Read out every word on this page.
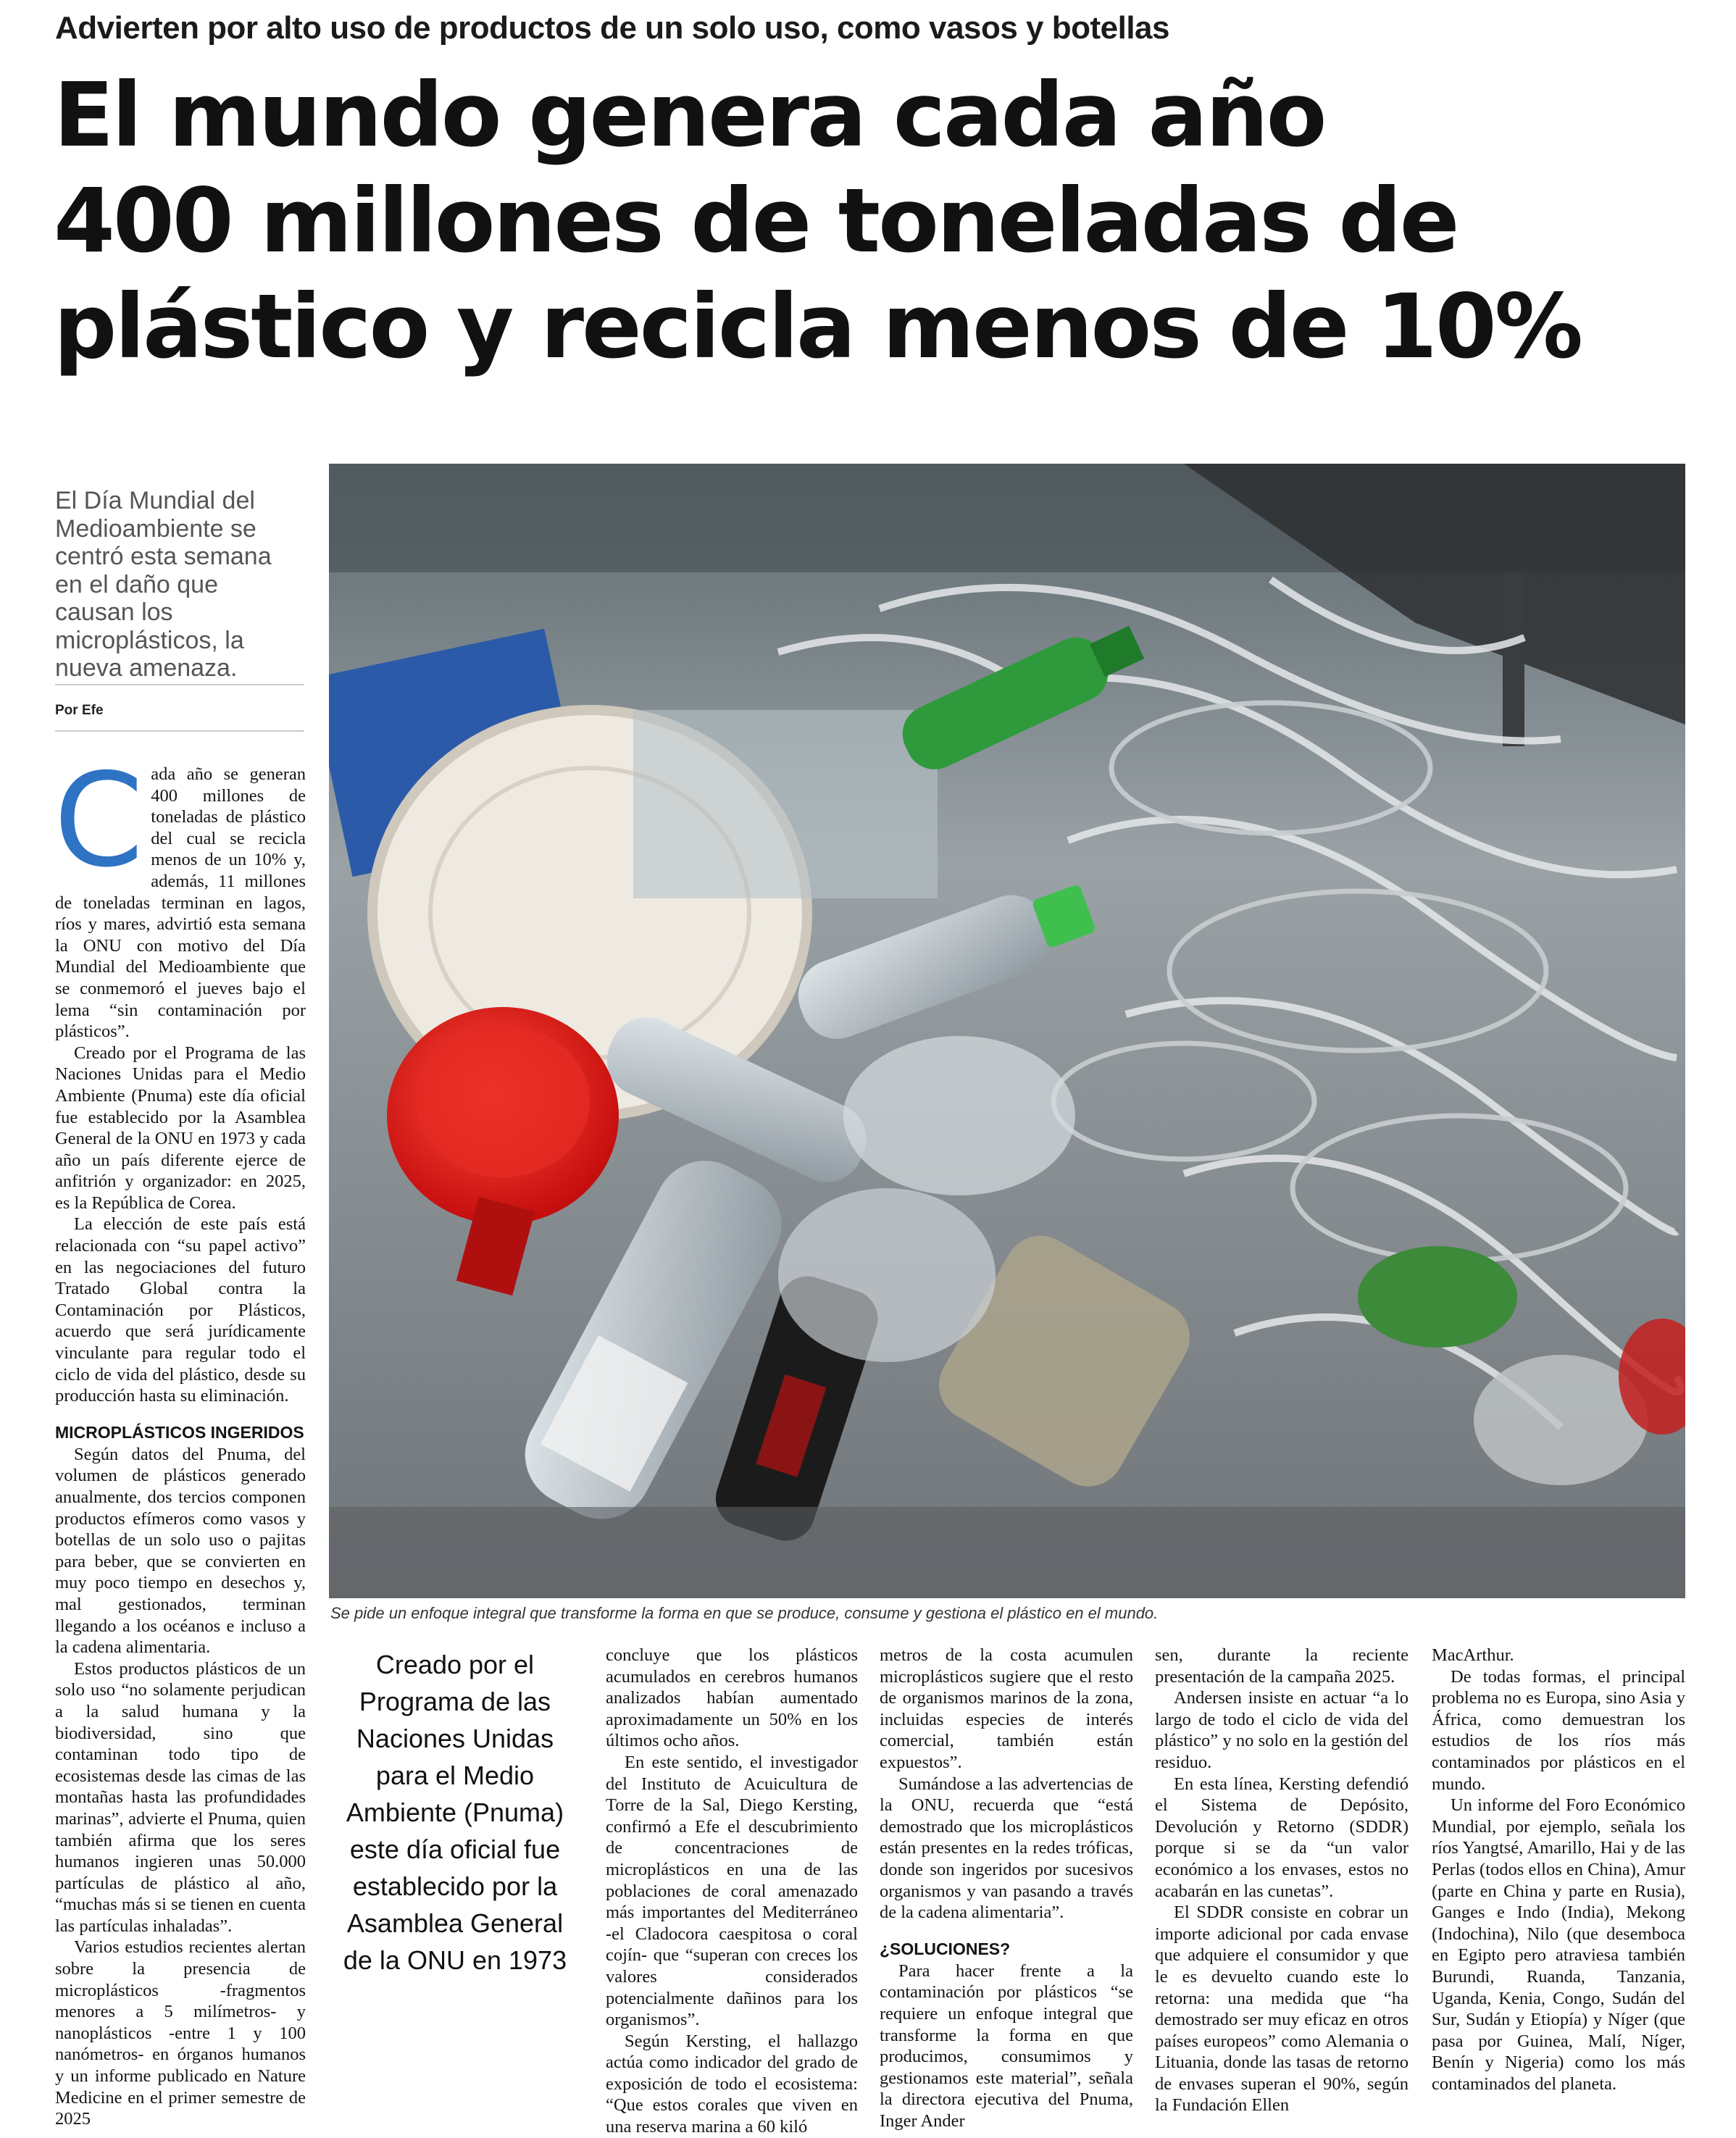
Advierten por alto uso de productos de un solo uso, como vasos y botellas
El mundo genera cada año
400 millones de toneladas de
plástico y recicla menos de 10%
El Día Mundial del Medioambiente se centró esta semana en el daño que causan los microplásticos, la nueva amenaza.
Por Efe

Cada año se generan 400 millones de toneladas de plástico del cual se recicla menos de un 10% y, además, 11 millones de toneladas terminan en lagos, ríos y mares, advirtió esta semana la ONU con motivo del Día Mundial del Medioambiente que se conmemoró el jueves bajo el lema “sin contaminación por plásticos”.

Creado por el Programa de las Naciones Unidas para el Medio Ambiente (Pnuma) este día oficial fue establecido por la Asamblea General de la ONU en 1973 y cada año un país diferente ejerce de anfitrión y organizador: en 2025, es la República de Corea.

La elección de este país está relacionada con “su papel activo” en las negociaciones del futuro Tratado Global contra la Contaminación por Plásticos, acuerdo que será jurídicamente vinculante para regular todo el ciclo de vida del plástico, desde su producción hasta su eliminación.

MICROPLÁSTICOS INGERIDOS

Según datos del Pnuma, del volumen de plásticos generado anualmente, dos tercios componen productos efímeros como vasos y botellas de un solo uso o pajitas para beber, que se convierten en muy poco tiempo en desechos y, mal gestionados, terminan llegando a los océanos e incluso a la cadena alimentaria.

Estos productos plásticos de un solo uso “no solamente perjudican a la salud humana y la biodiversidad, sino que contaminan todo tipo de ecosistemas desde las cimas de las montañas hasta las profundidades marinas”, advierte el Pnuma, quien también afirma que los seres humanos ingieren unas 50.000 partículas de plástico al año, “muchas más si se tienen en cuenta las partículas inhaladas”.

Varios estudios recientes alertan sobre la presencia de microplásticos -fragmentos menores a 5 milímetros- y nanoplásticos -entre 1 y 100 nanómetros- en órganos humanos y un informe publicado en Nature Medicine en el primer semestre de 2025

Se pide un enfoque integral que transforme la forma en que se produce, consume y gestiona el plástico en el mundo.
Creado por el Programa de las Naciones Unidas para el Medio Ambiente (Pnuma) este día oficial fue establecido por la Asamblea General de la ONU en 1973

concluye que los plásticos acumulados en cerebros humanos analizados habían aumentado aproximadamente un 50% en los últimos ocho años.

En este sentido, el investigador del Instituto de Acuicultura de Torre de la Sal, Diego Kersting, confirmó a Efe el descubrimiento de concentraciones de microplásticos en una de las poblaciones de coral amenazado más importantes del Mediterráneo -el Cladocora caespitosa o coral cojín- que “superan con creces los valores considerados potencialmente dañinos para los organismos”.

Según Kersting, el hallazgo actúa como indicador del grado de exposición de todo el ecosistema: “Que estos corales que viven en una reserva marina a 60 kiló

metros de la costa acumulen microplásticos sugiere que el resto de organismos marinos de la zona, incluidas especies de interés comercial, también están expuestos”.

Sumándose a las advertencias de la ONU, recuerda que “está demostrado que los microplásticos están presentes en la redes tróficas, donde son ingeridos por sucesivos organismos y van pasando a través de la cadena alimentaria”.

¿SOLUCIONES?

Para hacer frente a la contaminación por plásticos “se requiere un enfoque integral que transforme la forma en que producimos, consumimos y gestionamos este material”, señala la directora ejecutiva del Pnuma, Inger Ander

sen, durante la reciente presentación de la campaña 2025.

Andersen insiste en actuar “a lo largo de todo el ciclo de vida del plástico” y no solo en la gestión del residuo.

En esta línea, Kersting defendió el Sistema de Depósito, Devolución y Retorno (SDDR) porque si se da “un valor económico a los envases, estos no acabarán en las cunetas”.

El SDDR consiste en cobrar un importe adicional por cada envase que adquiere el consumidor y que le es devuelto cuando este lo retorna: una medida que “ha demostrado ser muy eficaz en otros países europeos” como Alemania o Lituania, donde las tasas de retorno de envases superan el 90%, según la Fundación Ellen

MacArthur.

De todas formas, el principal problema no es Europa, sino Asia y África, como demuestran los estudios de los ríos más contaminados por plásticos en el mundo.

Un informe del Foro Económico Mundial, por ejemplo, señala los ríos Yangtsé, Amarillo, Hai y de las Perlas (todos ellos en China), Amur (parte en China y parte en Rusia), Ganges e Indo (India), Mekong (Indochina), Nilo (que desemboca en Egipto pero atraviesa también Burundi, Ruanda, Tanzania, Uganda, Kenia, Congo, Sudán del Sur, Sudán y Etiopía) y Níger (que pasa por Guinea, Malí, Níger, Benín y Nigeria) como los más contaminados del planeta.
